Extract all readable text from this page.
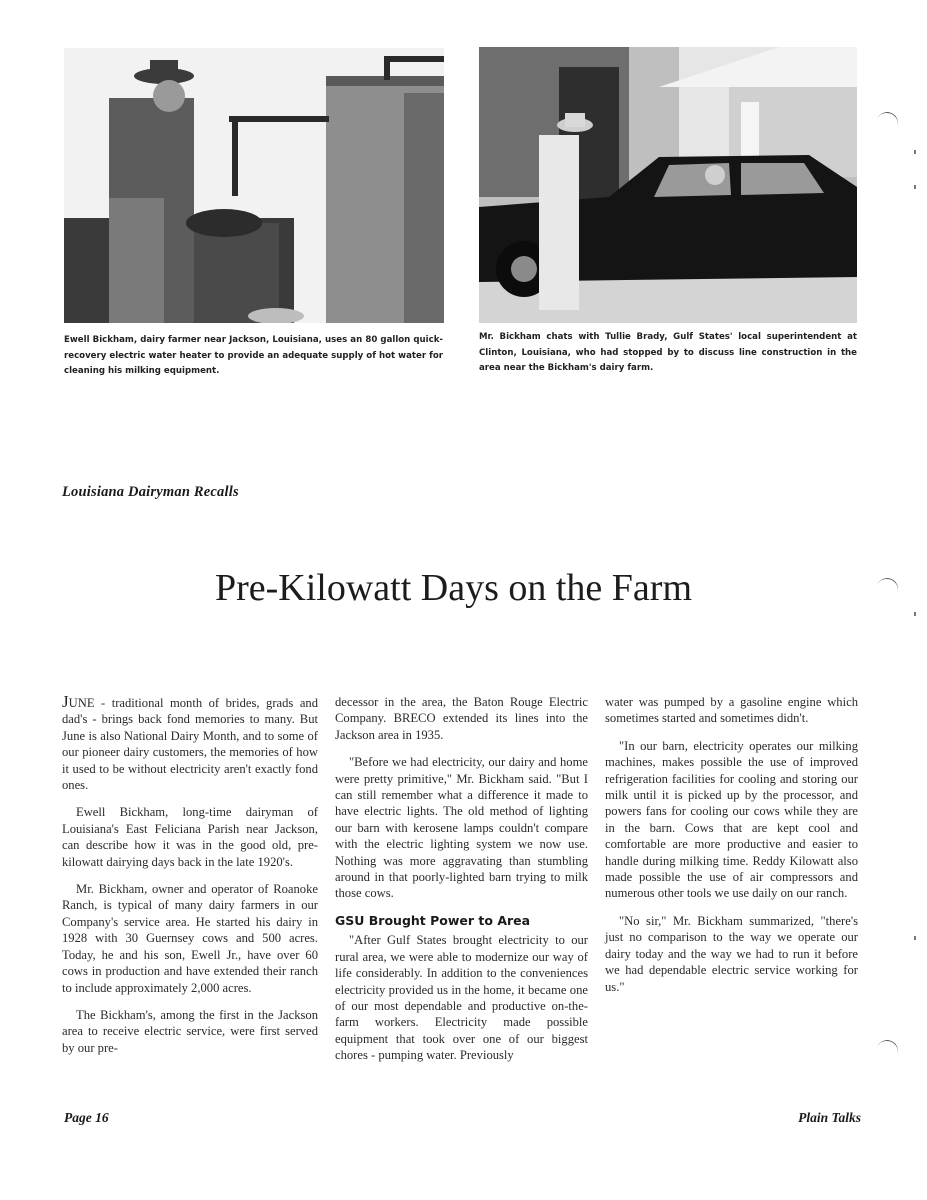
Ewell Bickham, dairy farmer near Jackson, Louisiana, uses an 80 gallon quick-recovery electric water heater to provide an adequate supply of hot water for cleaning his milking equipment.
Mr. Bickham chats with Tullie Brady, Gulf States' local superintendent at Clinton, Louisiana, who had stopped by to discuss line construction in the area near the Bickham's dairy farm.
Louisiana Dairyman Recalls
Pre-Kilowatt Days on the Farm

JUNE - traditional month of brides, grads and dad's - brings back fond memories to many. But June is also National Dairy Month, and to some of our pioneer dairy customers, the memories of how it used to be without electricity aren't exactly fond ones.

Ewell Bickham, long-time dairyman of Louisiana's East Feliciana Parish near Jackson, can describe how it was in the good old, pre-kilowatt dairying days back in the late 1920's.

Mr. Bickham, owner and operator of Roanoke Ranch, is typical of many dairy farmers in our Company's service area. He started his dairy in 1928 with 30 Guernsey cows and 500 acres. Today, he and his son, Ewell Jr., have over 60 cows in production and have extended their ranch to include approximately 2,000 acres.

The Bickham's, among the first in the Jackson area to receive electric service, were first served by our pre-

decessor in the area, the Baton Rouge Electric Company. BRECO extended its lines into the Jackson area in 1935.

"Before we had electricity, our dairy and home were pretty primitive," Mr. Bickham said. "But I can still remember what a difference it made to have electric lights. The old method of lighting our barn with kerosene lamps couldn't compare with the electric lighting system we now use. Nothing was more aggravating than stumbling around in that poorly-lighted barn trying to milk those cows.

GSU Brought Power to Area

"After Gulf States brought electricity to our rural area, we were able to modernize our way of life considerably. In addition to the conveniences electricity provided us in the home, it became one of our most dependable and productive on-the-farm workers. Electricity made possible equipment that took over one of our biggest chores - pumping water. Previously

water was pumped by a gasoline engine which sometimes started and sometimes didn't.

"In our barn, electricity operates our milking machines, makes possible the use of improved refrigeration facilities for cooling and storing our milk until it is picked up by the processor, and powers fans for cooling our cows while they are in the barn. Cows that are kept cool and comfortable are more productive and easier to handle during milking time. Reddy Kilowatt also made possible the use of air compressors and numerous other tools we use daily on our ranch.

"No sir," Mr. Bickham summarized, "there's just no comparison to the way we operate our dairy today and the way we had to run it before we had dependable electric service working for us."

Page 16	Plain Talks
